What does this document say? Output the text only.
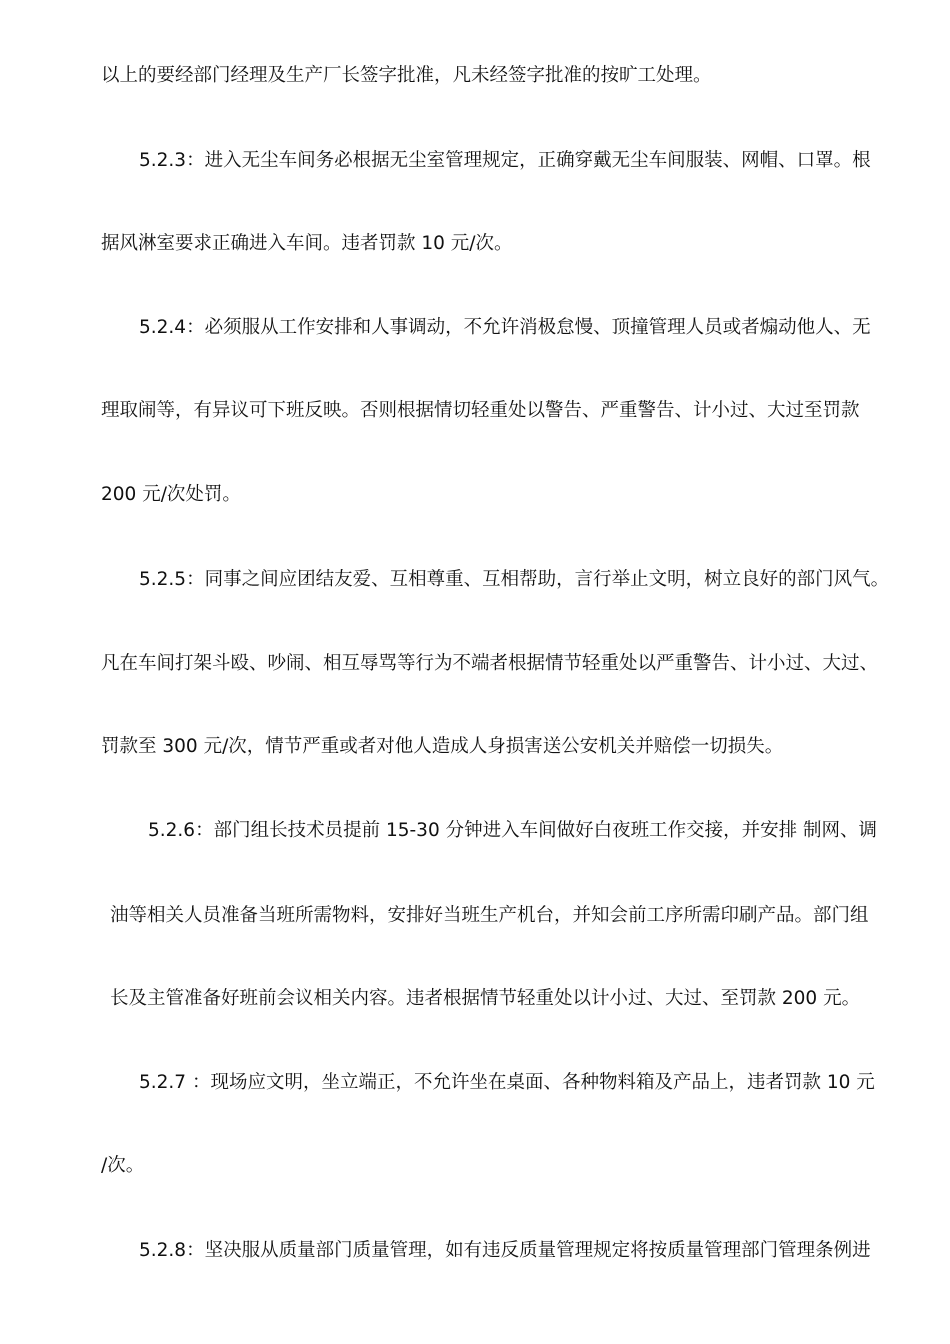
以上的要经部门经理及生产厂长签字批准，凡未经签字批准的按旷工处理。
5.2.3：进入无尘车间务必根据无尘室管理规定，正确穿戴无尘车间服装、网帽、口罩。根
据风淋室要求正确进入车间。违者罚款 10 元/次。
5.2.4：必须服从工作安排和人事调动，不允许消极怠慢、顶撞管理人员或者煽动他人、无
理取闹等，有异议可下班反映。否则根据情切轻重处以警告、严重警告、计小过、大过至罚款
200 元/次处罚。
5.2.5：同事之间应团结友爱、互相尊重、互相帮助，言行举止文明，树立良好的部门风气。
凡在车间打架斗殴、吵闹、相互辱骂等行为不端者根据情节轻重处以严重警告、计小过、大过、
罚款至 300 元/次，情节严重或者对他人造成人身损害送公安机关并赔偿一切损失。
5.2.6：部门组长技术员提前 15-30 分钟进入车间做好白夜班工作交接，并安排 制网、调
油等相关人员准备当班所需物料，安排好当班生产机台，并知会前工序所需印刷产品。部门组
长及主管准备好班前会议相关内容。违者根据情节轻重处以计小过、大过、至罚款 200 元。
5.2.7 ：现场应文明，坐立端正，不允许坐在桌面、各种物料箱及产品上，违者罚款 10 元
/次。
5.2.8：坚决服从质量部门质量管理，如有违反质量管理规定将按质量管理部门管理条例进
